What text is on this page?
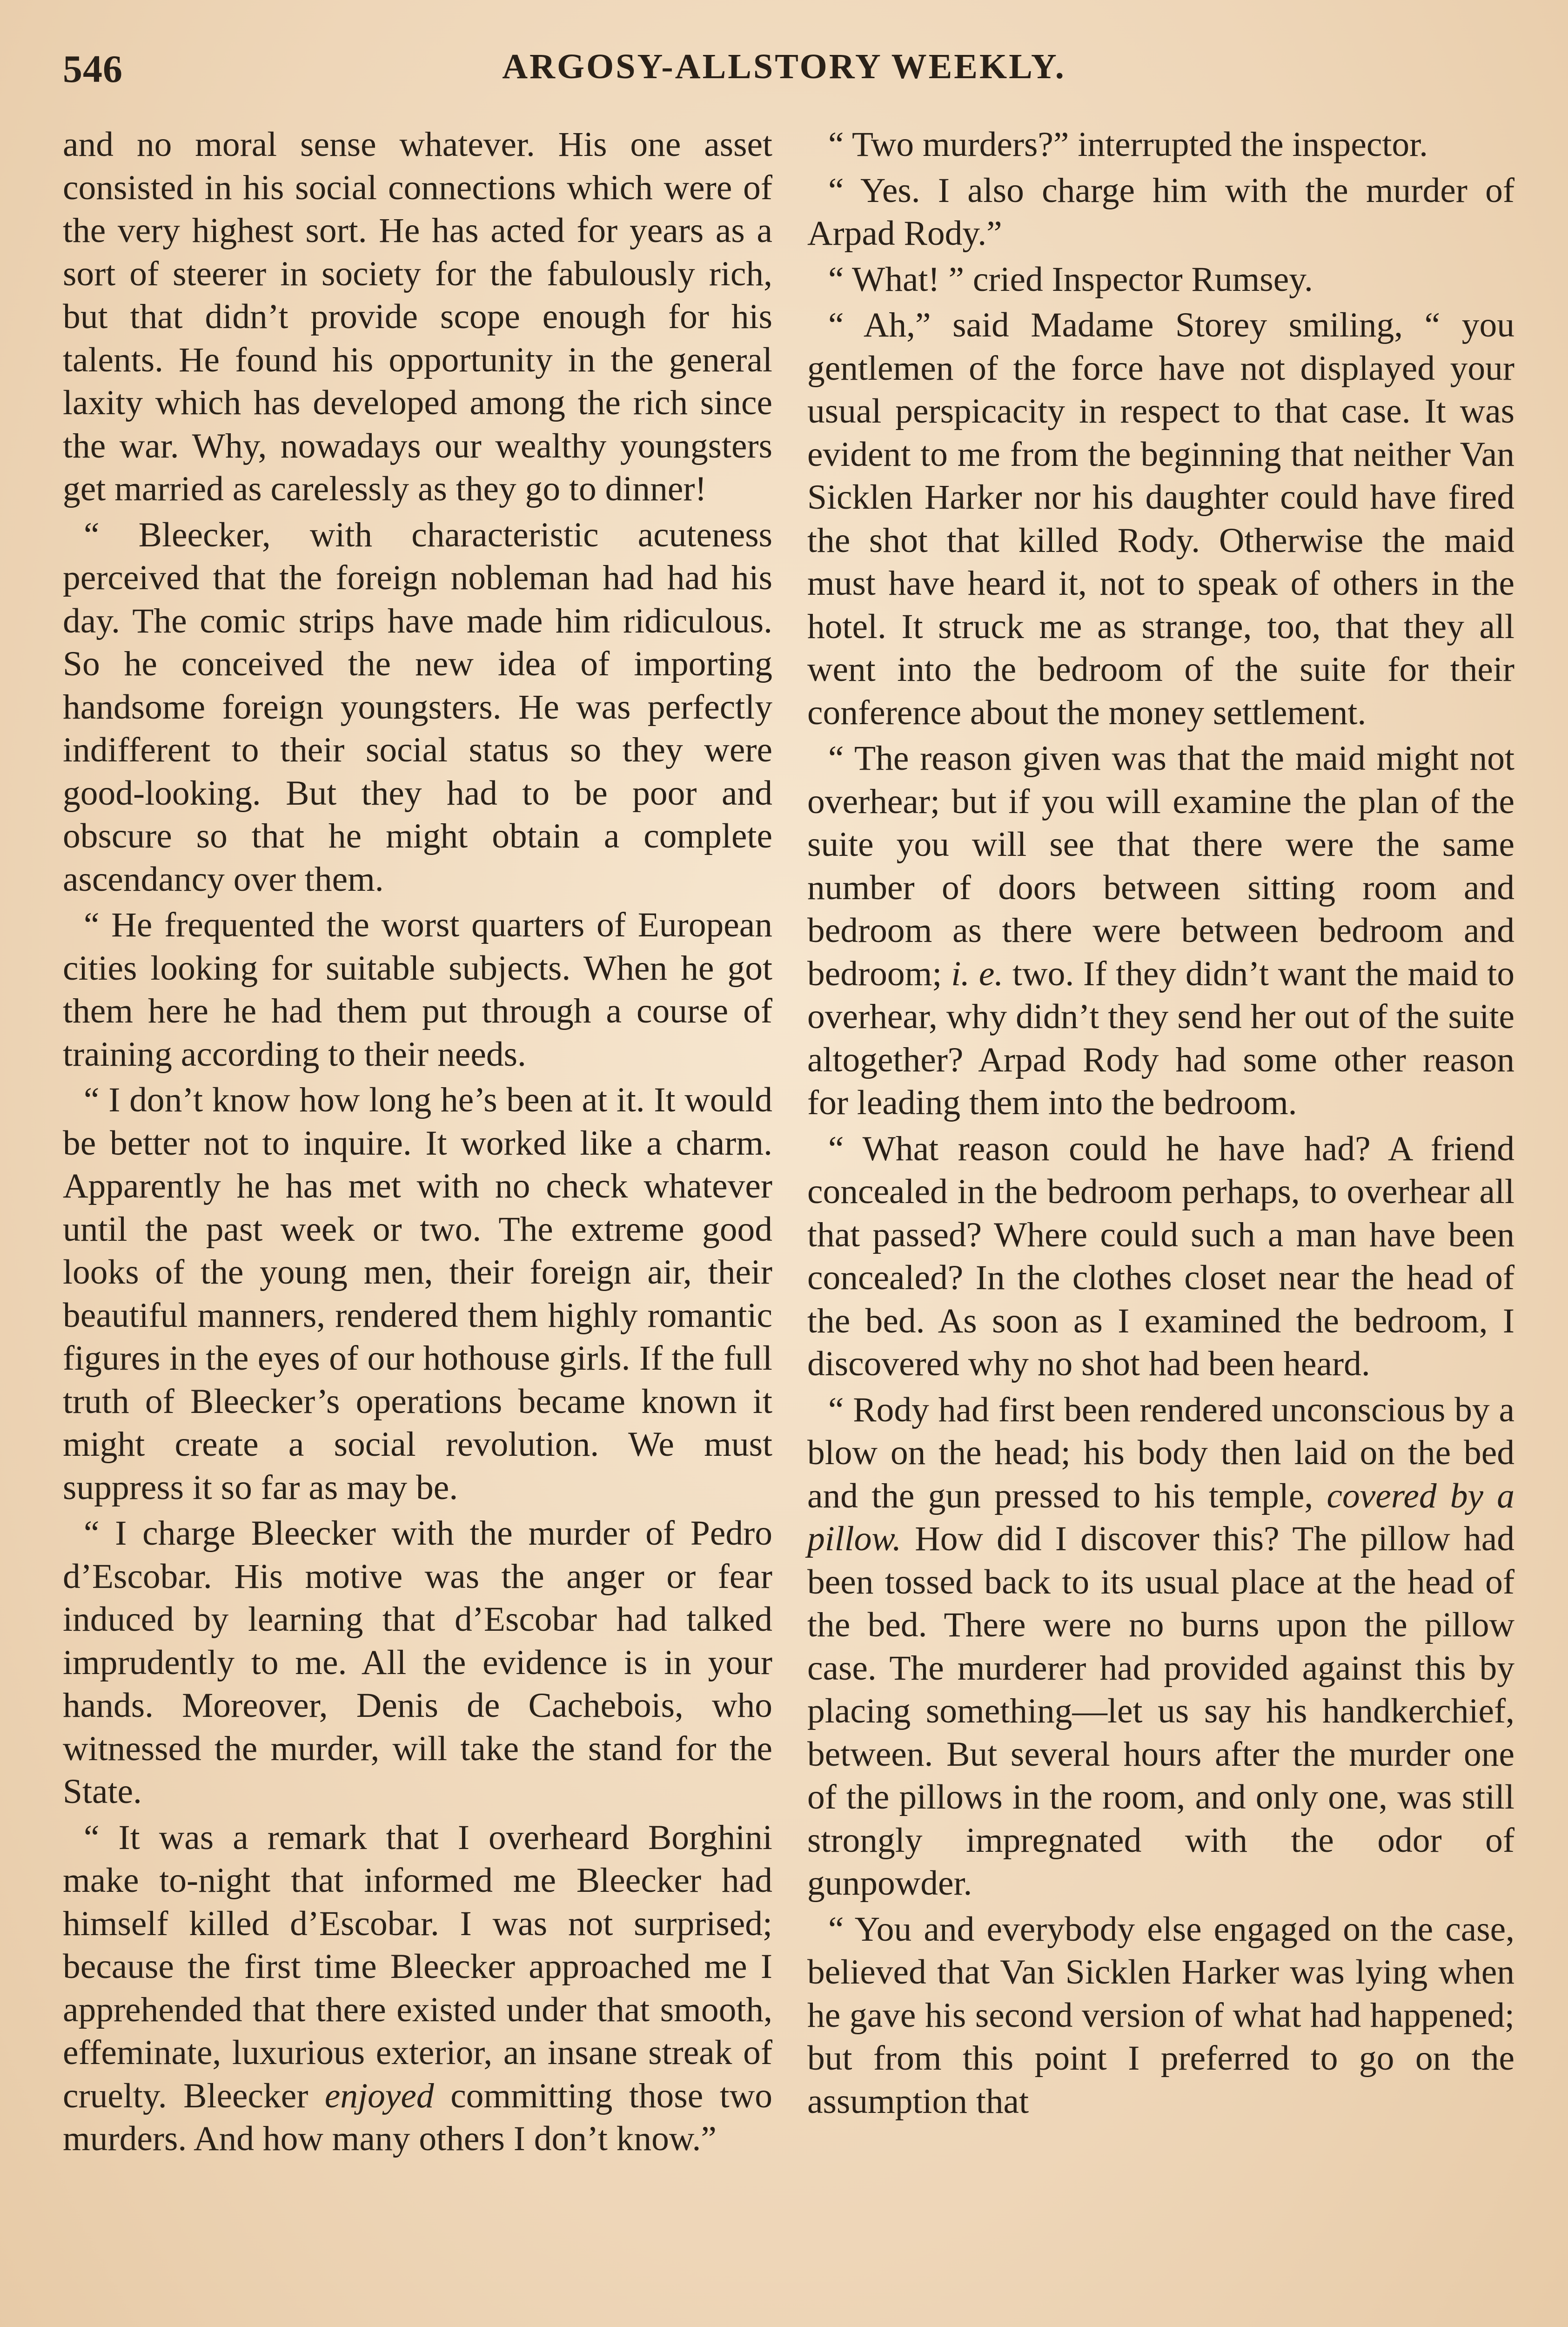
546	ARGOSY-ALLSTORY WEEKLY.

and no moral sense whatever. His one asset consisted in his social connections which were of the very highest sort. He has acted for years as a sort of steerer in society for the fabulously rich, but that didn’t provide scope enough for his talents. He found his opportunity in the general laxity which has developed among the rich since the war. Why, nowadays our wealthy youngsters get married as carelessly as they go to dinner!

“ Bleecker, with characteristic acuteness perceived that the foreign nobleman had had his day. The comic strips have made him ridiculous. So he conceived the new idea of importing handsome foreign youngsters. He was perfectly indifferent to their social status so they were good-looking. But they had to be poor and obscure so that he might obtain a complete ascendancy over them.

“ He frequented the worst quarters of European cities looking for suitable subjects. When he got them here he had them put through a course of training according to their needs.

“ I don’t know how long he’s been at it. It would be better not to inquire. It worked like a charm. Apparently he has met with no check whatever until the past week or two. The extreme good looks of the young men, their foreign air, their beautiful manners, rendered them highly romantic figures in the eyes of our hothouse girls. If the full truth of Bleecker’s operations became known it might create a social revolution. We must suppress it so far as may be.

“ I charge Bleecker with the murder of Pedro d’Escobar. His motive was the anger or fear induced by learning that d’Escobar had talked imprudently to me. All the evidence is in your hands. Moreover, Denis de Cachebois, who witnessed the murder, will take the stand for the State.

“ It was a remark that I overheard Borghini make to-night that informed me Bleecker had himself killed d’Escobar. I was not surprised; because the first time Bleecker approached me I apprehended that there existed under that smooth, effeminate, luxurious exterior, an insane streak of cruelty. Bleecker enjoyed committing those two murders. And how many others I don’t know.”

“ Two murders?” interrupted the inspector.

“ Yes. I also charge him with the murder of Arpad Rody.”

“ What! ” cried Inspector Rumsey.

“ Ah,” said Madame Storey smiling, “ you gentlemen of the force have not displayed your usual perspicacity in respect to that case. It was evident to me from the beginning that neither Van Sicklen Harker nor his daughter could have fired the shot that killed Rody. Otherwise the maid must have heard it, not to speak of others in the hotel. It struck me as strange, too, that they all went into the bedroom of the suite for their conference about the money settlement.

“ The reason given was that the maid might not overhear; but if you will examine the plan of the suite you will see that there were the same number of doors between sitting room and bedroom as there were between bedroom and bedroom; i. e. two. If they didn’t want the maid to overhear, why didn’t they send her out of the suite altogether? Arpad Rody had some other reason for leading them into the bedroom.

“ What reason could he have had? A friend concealed in the bedroom perhaps, to overhear all that passed? Where could such a man have been concealed? In the clothes closet near the head of the bed. As soon as I examined the bedroom, I discovered why no shot had been heard.

“ Rody had first been rendered unconscious by a blow on the head; his body then laid on the bed and the gun pressed to his temple, covered by a pillow. How did I discover this? The pillow had been tossed back to its usual place at the head of the bed. There were no burns upon the pillow case. The murderer had provided against this by placing something—let us say his handkerchief, between. But several hours after the murder one of the pillows in the room, and only one, was still strongly impregnated with the odor of gunpowder.

“ You and everybody else engaged on the case, believed that Van Sicklen Harker was lying when he gave his second version of what had happened; but from this point I preferred to go on the assumption that
